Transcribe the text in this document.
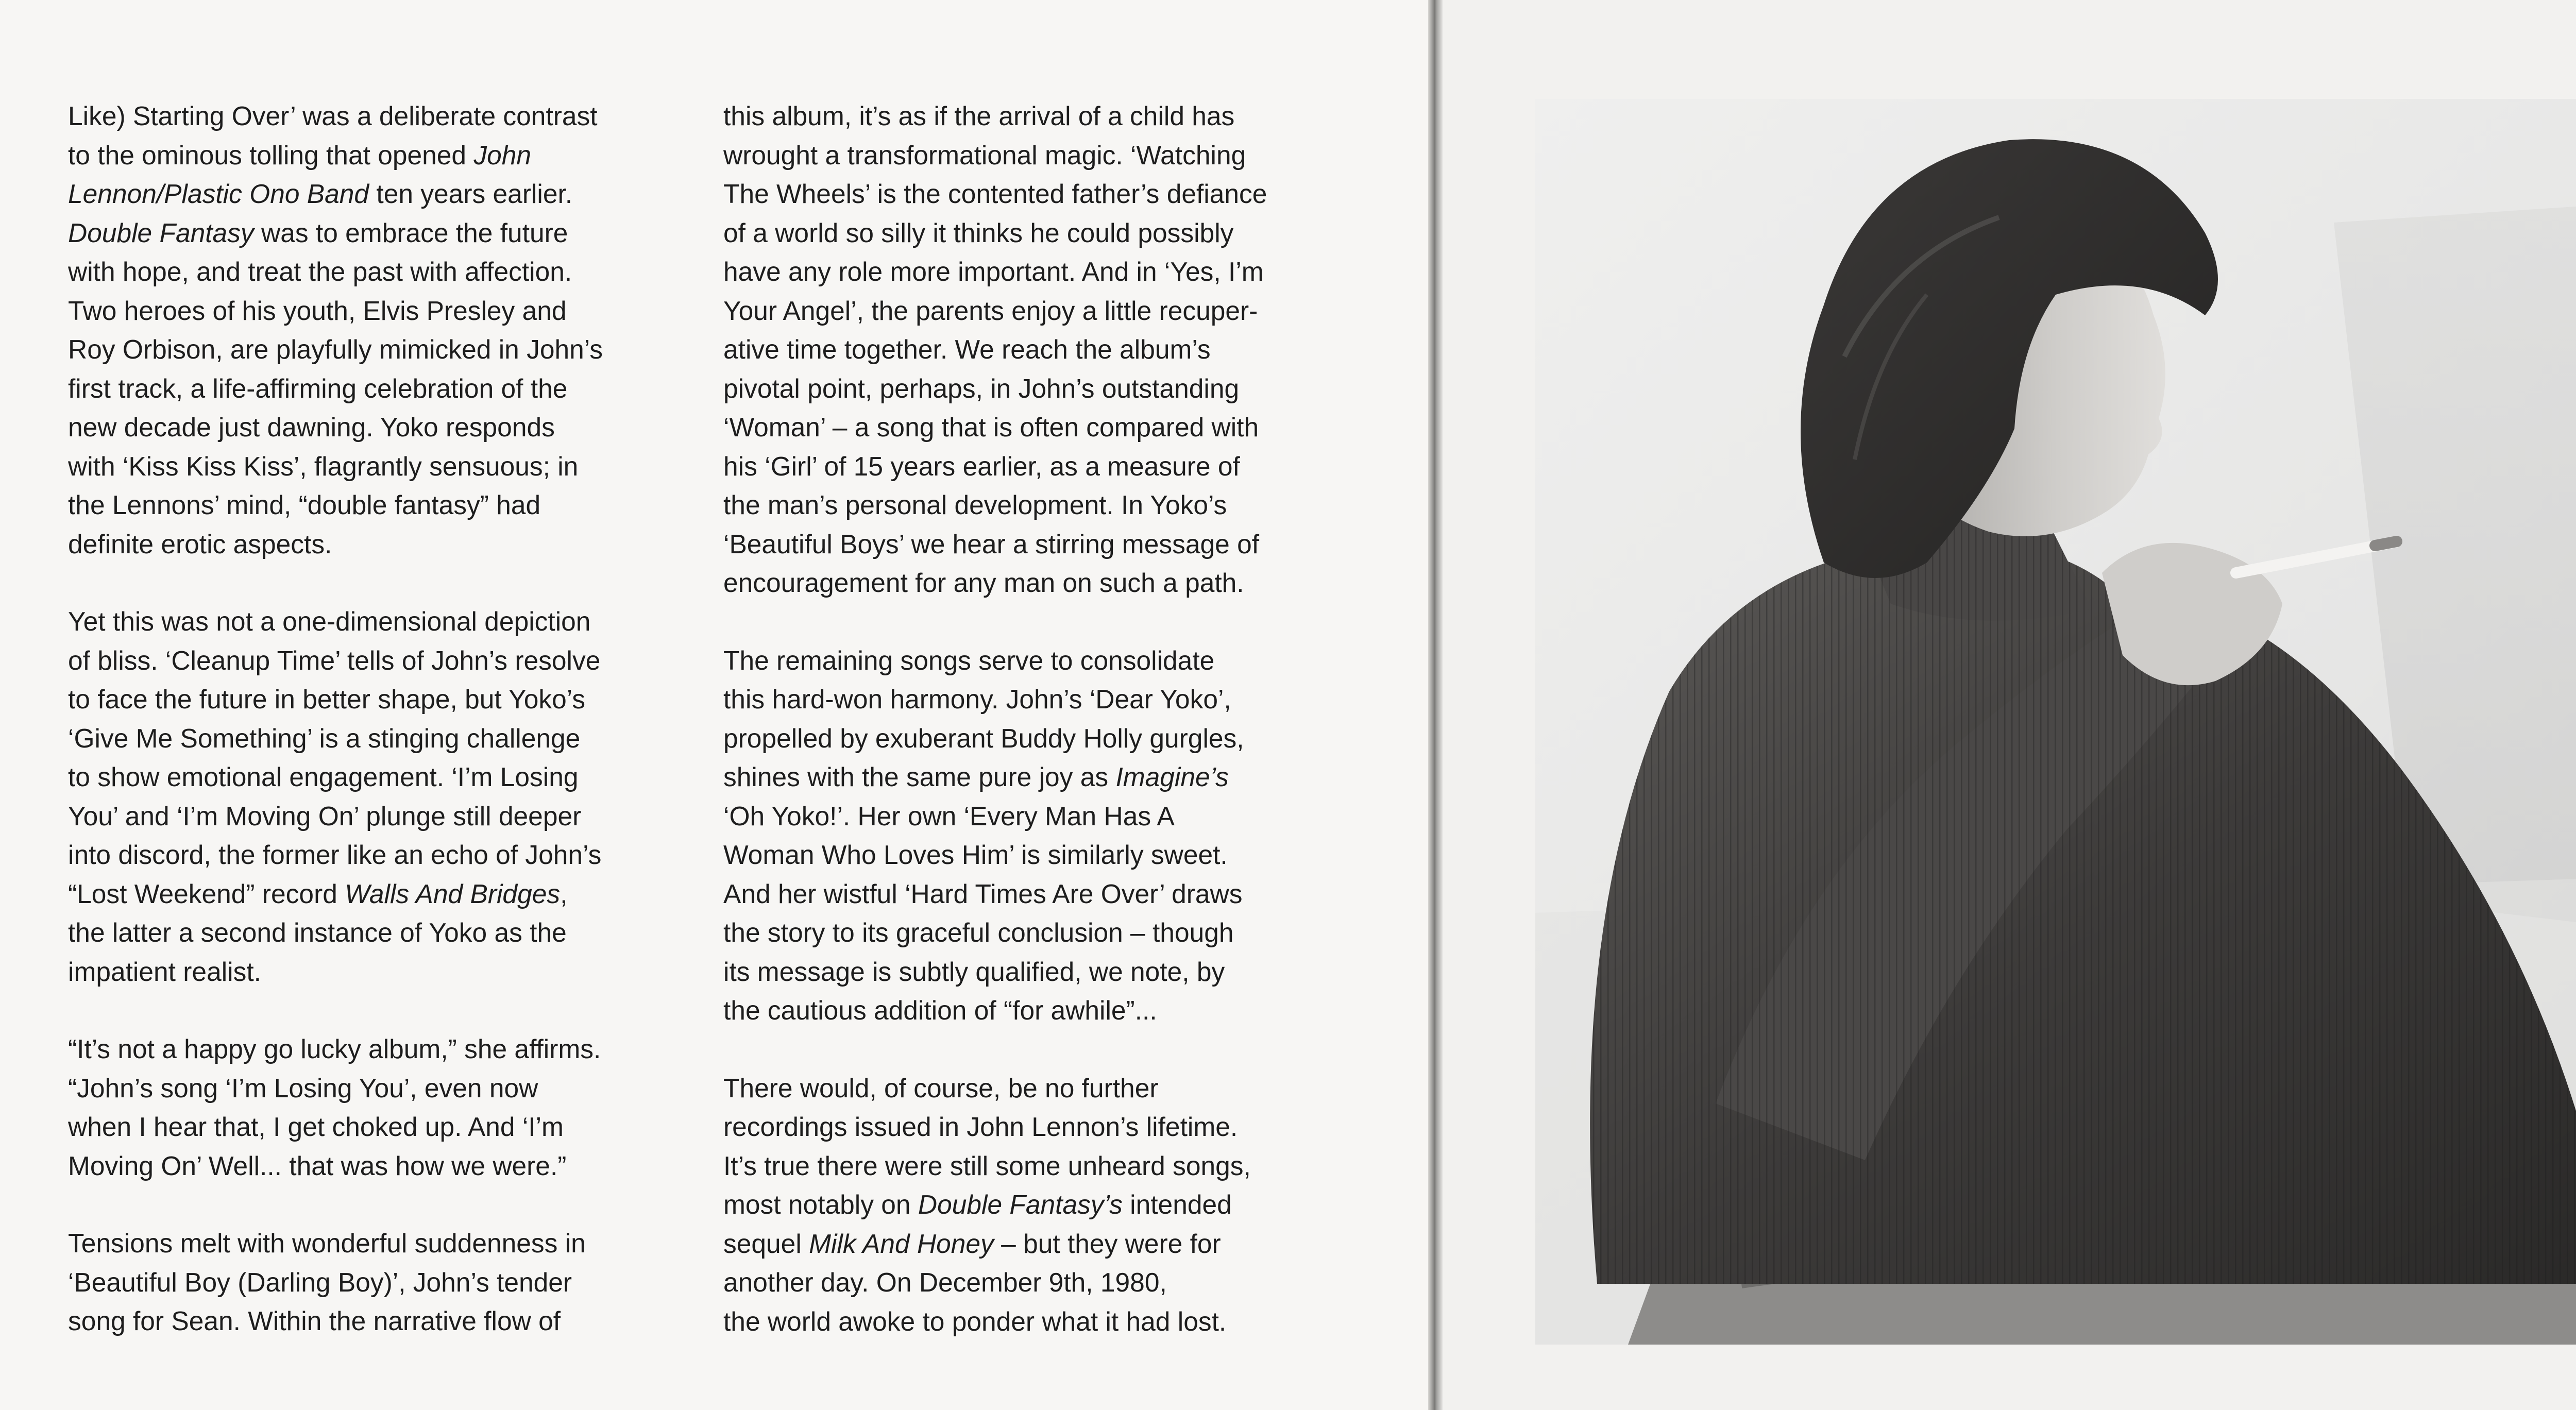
Like) Starting Over’ was a deliberate contrast
to the ominous tolling that opened John
Lennon/Plastic Ono Band ten years earlier.
Double Fantasy was to embrace the future
with hope, and treat the past with affection.
Two heroes of his youth, Elvis Presley and
Roy Orbison, are playfully mimicked in John’s
first track, a life-affirming celebration of the
new decade just dawning. Yoko responds
with ‘Kiss Kiss Kiss’, flagrantly sensuous; in
the Lennons’ mind, “double fantasy” had
definite erotic aspects.
Yet this was not a one-dimensional depiction
of bliss. ‘Cleanup Time’ tells of John’s resolve
to face the future in better shape, but Yoko’s
‘Give Me Something’ is a stinging challenge
to show emotional engagement. ‘I’m Losing
You’ and ‘I’m Moving On’ plunge still deeper
into discord, the former like an echo of John’s
“Lost Weekend” record Walls And Bridges,
the latter a second instance of Yoko as the
impatient realist.
“It’s not a happy go lucky album,” she affirms.
“John’s song ‘I’m Losing You’, even now
when I hear that, I get choked up. And ‘I’m
Moving On’ Well... that was how we were.”
Tensions melt with wonderful suddenness in
‘Beautiful Boy (Darling Boy)’, John’s tender
song for Sean. Within the narrative flow of
this album, it’s as if the arrival of a child has
wrought a transformational magic. ‘Watching
The Wheels’ is the contented father’s defiance
of a world so silly it thinks he could possibly
have any role more important. And in ‘Yes, I’m
Your Angel’, the parents enjoy a little recuper-
ative time together. We reach the album’s
pivotal point, perhaps, in John’s outstanding
‘Woman’ – a song that is often compared with
his ‘Girl’ of 15 years earlier, as a measure of
the man’s personal development. In Yoko’s
‘Beautiful Boys’ we hear a stirring message of
encouragement for any man on such a path.
The remaining songs serve to consolidate
this hard-won harmony. John’s ‘Dear Yoko’,
propelled by exuberant Buddy Holly gurgles,
shines with the same pure joy as Imagine’s
‘Oh Yoko!’. Her own ‘Every Man Has A
Woman Who Loves Him’ is similarly sweet.
And her wistful ‘Hard Times Are Over’ draws
the story to its graceful conclusion – though
its message is subtly qualified, we note, by
the cautious addition of “for awhile”...
There would, of course, be no further
recordings issued in John Lennon’s lifetime.
It’s true there were still some unheard songs,
most notably on Double Fantasy’s intended
sequel Milk And Honey – but they were for
another day. On December 9th, 1980,
the world awoke to ponder what it had lost.
